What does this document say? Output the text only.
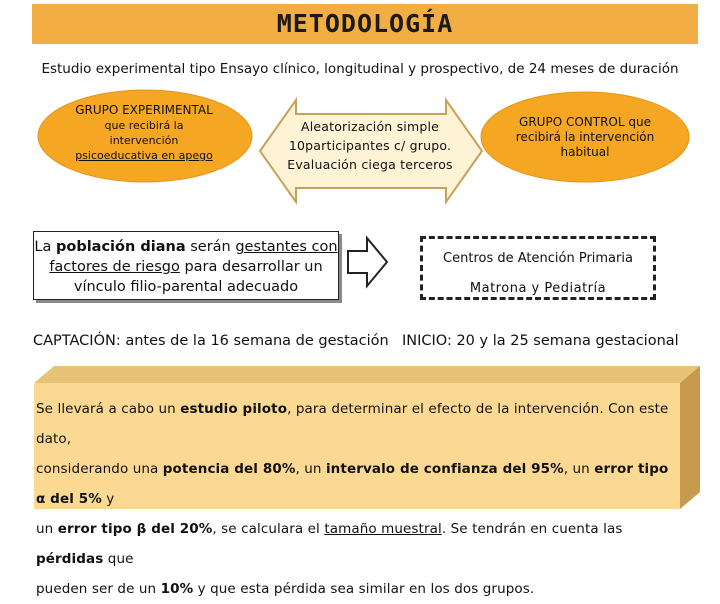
METODOLOGÍA
Estudio experimental tipo Ensayo clínico, longitudinal y prospectivo, de 24 meses de duración
GRUPO EXPERIMENTAL
que recibirá la
intervención
psicoeducativa en apego
Aleatorización simple
10participantes c/ grupo.
Evaluación ciega terceros
GRUPO CONTROL que
recibirá la intervención
habitual
La población diana serán gestantes con
factores de riesgo para desarrollar un
vínculo filio-parental adecuado
Centros de Atención Primaria
Matrona y Pediatría
CAPTACIÓN: antes de la 16 semana de gestación INICIO: 20 y la 25 semana gestacional
Se llevará a cabo un estudio piloto, para determinar el efecto de la intervención. Con este dato,
considerando una potencia del 80%, un intervalo de confianza del 95%, un error tipo α del 5% y
un error tipo β del 20%, se calculara el tamaño muestral. Se tendrán en cuenta las pérdidas que
pueden ser de un 10% y que esta pérdida sea similar en los dos grupos.
